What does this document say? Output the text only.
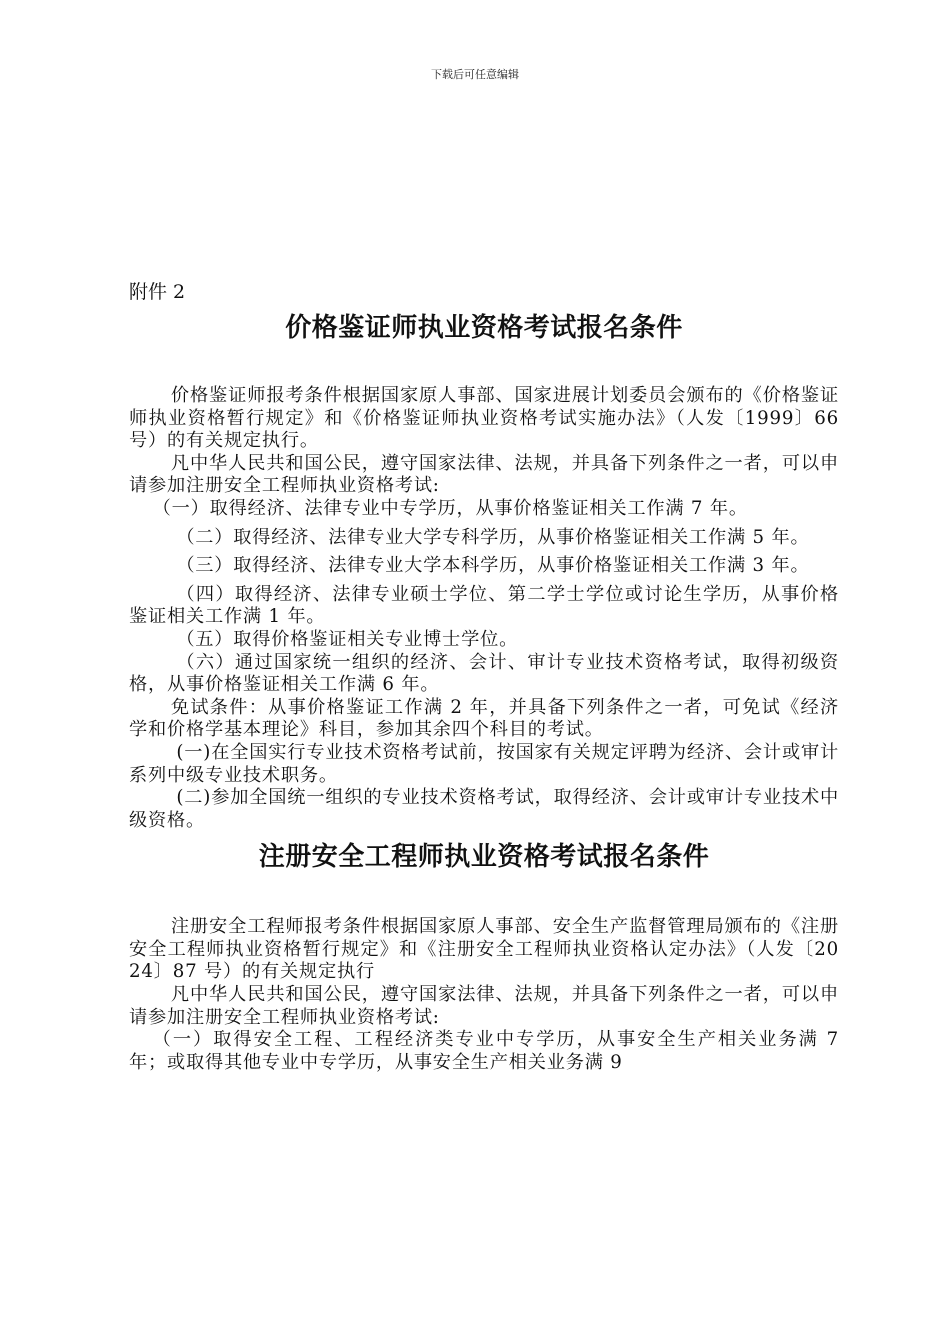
下载后可任意编辑

附件 2

价格鉴证师执业资格考试报名条件

价格鉴证师报考条件根据国家原人事部、国家进展计划委员会颁布的《价格鉴证师执业资格暂行规定》和《价格鉴证师执业资格考试实施办法》（人发〔1999〕66 号）的有关规定执行。

凡中华人民共和国公民，遵守国家法律、法规，并具备下列条件之一者，可以申请参加注册安全工程师执业资格考试:

（一）取得经济、法律专业中专学历，从事价格鉴证相关工作满 7 年。

（二）取得经济、法律专业大学专科学历，从事价格鉴证相关工作满 5 年。

（三）取得经济、法律专业大学本科学历，从事价格鉴证相关工作满 3 年。

（四）取得经济、法律专业硕士学位、第二学士学位或讨论生学历，从事价格鉴证相关工作满 1 年。

（五）取得价格鉴证相关专业博士学位。

（六）通过国家统一组织的经济、会计、审计专业技术资格考试，取得初级资格，从事价格鉴证相关工作满 6 年。

免试条件：从事价格鉴证工作满 2 年，并具备下列条件之一者，可免试《经济学和价格学基本理论》科目，参加其余四个科目的考试。

(一)在全国实行专业技术资格考试前，按国家有关规定评聘为经济、会计或审计系列中级专业技术职务。

(二)参加全国统一组织的专业技术资格考试，取得经济、会计或审计专业技术中级资格。

注册安全工程师执业资格考试报名条件

注册安全工程师报考条件根据国家原人事部、安全生产监督管理局颁布的《注册安全工程师执业资格暂行规定》和《注册安全工程师执业资格认定办法》（人发〔2024〕87 号）的有关规定执行

凡中华人民共和国公民，遵守国家法律、法规，并具备下列条件之一者，可以申请参加注册安全工程师执业资格考试:

（一）取得安全工程、工程经济类专业中专学历，从事安全生产相关业务满 7 年；或取得其他专业中专学历，从事安全生产相关业务满 9
